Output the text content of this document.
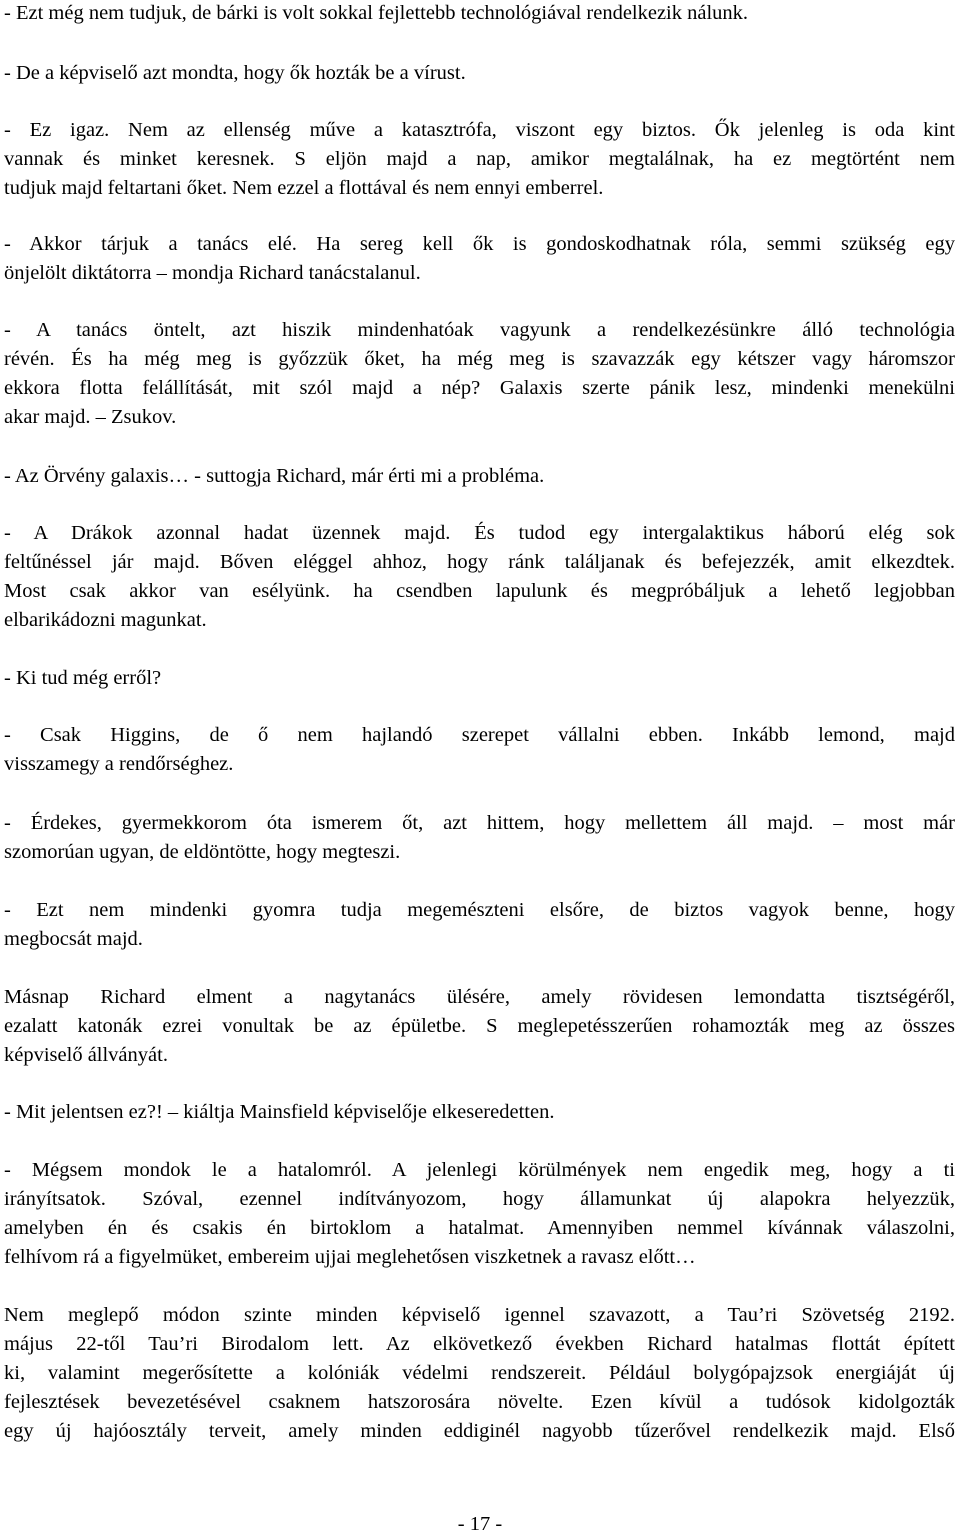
- Ezt még nem tudjuk, de bárki is volt sokkal fejlettebb technológiával rendelkezik nálunk.
- De a képviselő azt mondta, hogy ők hozták be a vírust.
- Ez igaz. Nem az ellenség műve a katasztrófa, viszont egy biztos. Ők jelenleg is oda kint
vannak és minket keresnek. S eljön majd a nap, amikor megtalálnak, ha ez megtörtént nem
tudjuk majd feltartani őket. Nem ezzel a flottával és nem ennyi emberrel.
- Akkor tárjuk a tanács elé. Ha sereg kell ők is gondoskodhatnak róla, semmi szükség egy
önjelölt diktátorra – mondja Richard tanácstalanul.
- A tanács öntelt, azt hiszik mindenhatóak vagyunk a rendelkezésünkre álló technológia
révén. És ha még meg is győzzük őket, ha még meg is szavazzák egy kétszer vagy háromszor
ekkora flotta felállítását, mit szól majd a nép? Galaxis szerte pánik lesz, mindenki menekülni
akar majd. – Zsukov.
- Az Örvény galaxis… - suttogja Richard, már érti mi a probléma.
- A Drákok azonnal hadat üzennek majd. És tudod egy intergalaktikus háború elég sok
feltűnéssel jár majd. Bőven eléggel ahhoz, hogy ránk találjanak és befejezzék, amit elkezdtek.
Most csak akkor van esélyünk. ha csendben lapulunk és megpróbáljuk a lehető legjobban
elbarikádozni magunkat.
- Ki tud még erről?
- Csak Higgins, de ő nem hajlandó szerepet vállalni ebben. Inkább lemond, majd
visszamegy a rendőrséghez.
- Érdekes, gyermekkorom óta ismerem őt, azt hittem, hogy mellettem áll majd. – most már
szomorúan ugyan, de eldöntötte, hogy megteszi.
- Ezt nem mindenki gyomra tudja megemészteni elsőre, de biztos vagyok benne, hogy
megbocsát majd.
Másnap Richard elment a nagytanács ülésére, amely rövidesen lemondatta tisztségéről,
ezalatt katonák ezrei vonultak be az épületbe. S meglepetésszerűen rohamozták meg az összes
képviselő állványát.
- Mit jelentsen ez?! – kiáltja Mainsfield képviselője elkeseredetten.
- Mégsem mondok le a hatalomról. A jelenlegi körülmények nem engedik meg, hogy a ti
irányítsatok. Szóval, ezennel indítványozom, hogy államunkat új alapokra helyezzük,
amelyben én és csakis én birtoklom a hatalmat. Amennyiben nemmel kívánnak válaszolni,
felhívom rá a figyelmüket, embereim ujjai meglehetősen viszketnek a ravasz előtt…
Nem meglepő módon szinte minden képviselő igennel szavazott, a Tau’ri Szövetség 2192.
május 22-től Tau’ri Birodalom lett. Az elkövetkező években Richard hatalmas flottát épített
ki, valamint megerősítette a kolóniák védelmi rendszereit. Például bolygópajzsok energiáját új
fejlesztések bevezetésével csaknem hatszorosára növelte. Ezen kívül a tudósok kidolgozták
egy új hajóosztály terveit, amely minden eddiginél nagyobb tűzerővel rendelkezik majd. Első
- 17 -
